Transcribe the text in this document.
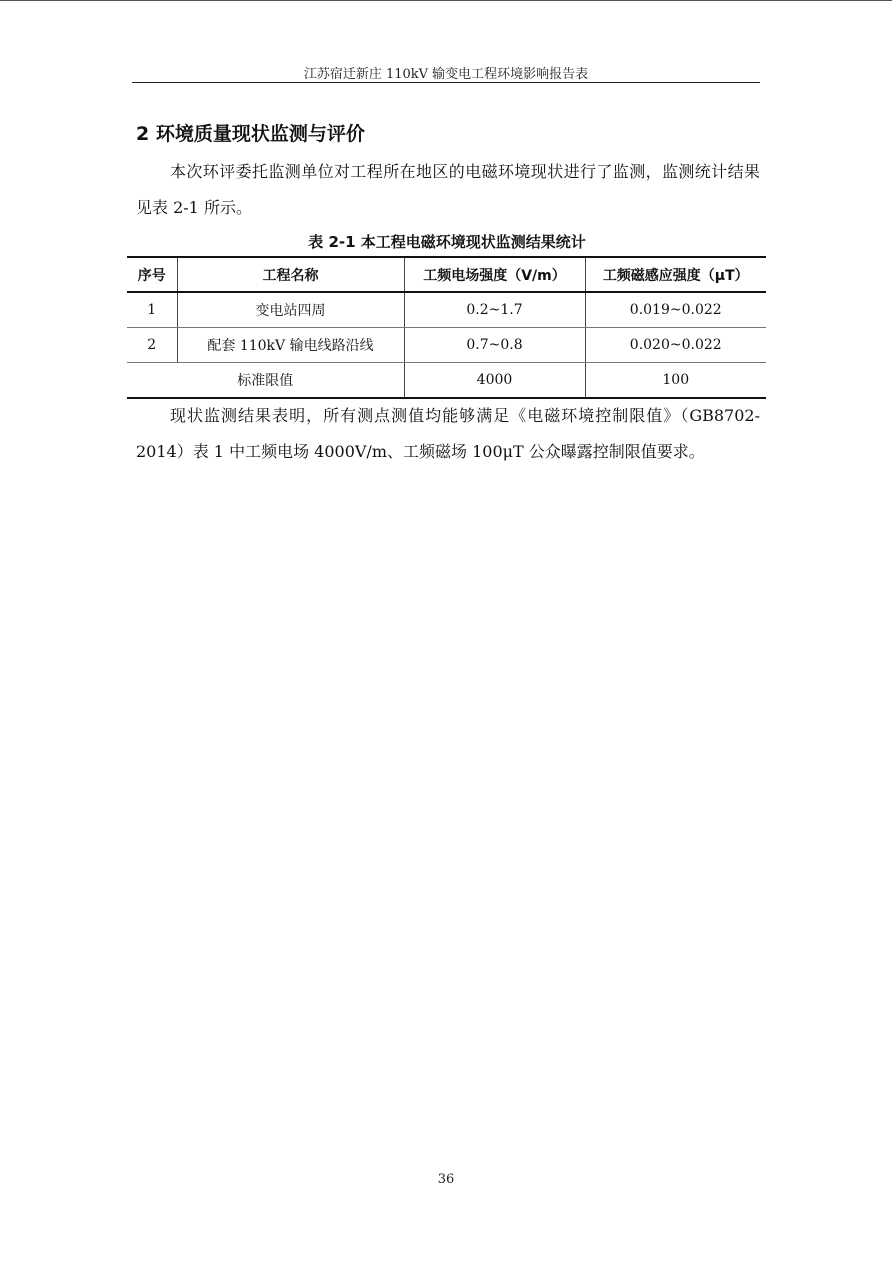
江苏宿迁新庄 110kV 输变电工程环境影响报告表
2 环境质量现状监测与评价

本次环评委托监测单位对工程所在地区的电磁环境现状进行了监测，监测统计结果见表 2-1 所示。

表 2-1 本工程电磁环境现状监测结果统计
序号	工程名称	工频电场强度（V/m）	工频磁感应强度（μT）
1	变电站四周	0.2~1.7	0.019~0.022
2	配套 110kV 输电线路沿线	0.7~0.8	0.020~0.022
标准限值		4000	100

现状监测结果表明，所有测点测值均能够满足《电磁环境控制限值》（GB8702-2014）表 1 中工频电场 4000V/m、工频磁场 100μT 公众曝露控制限值要求。

36
